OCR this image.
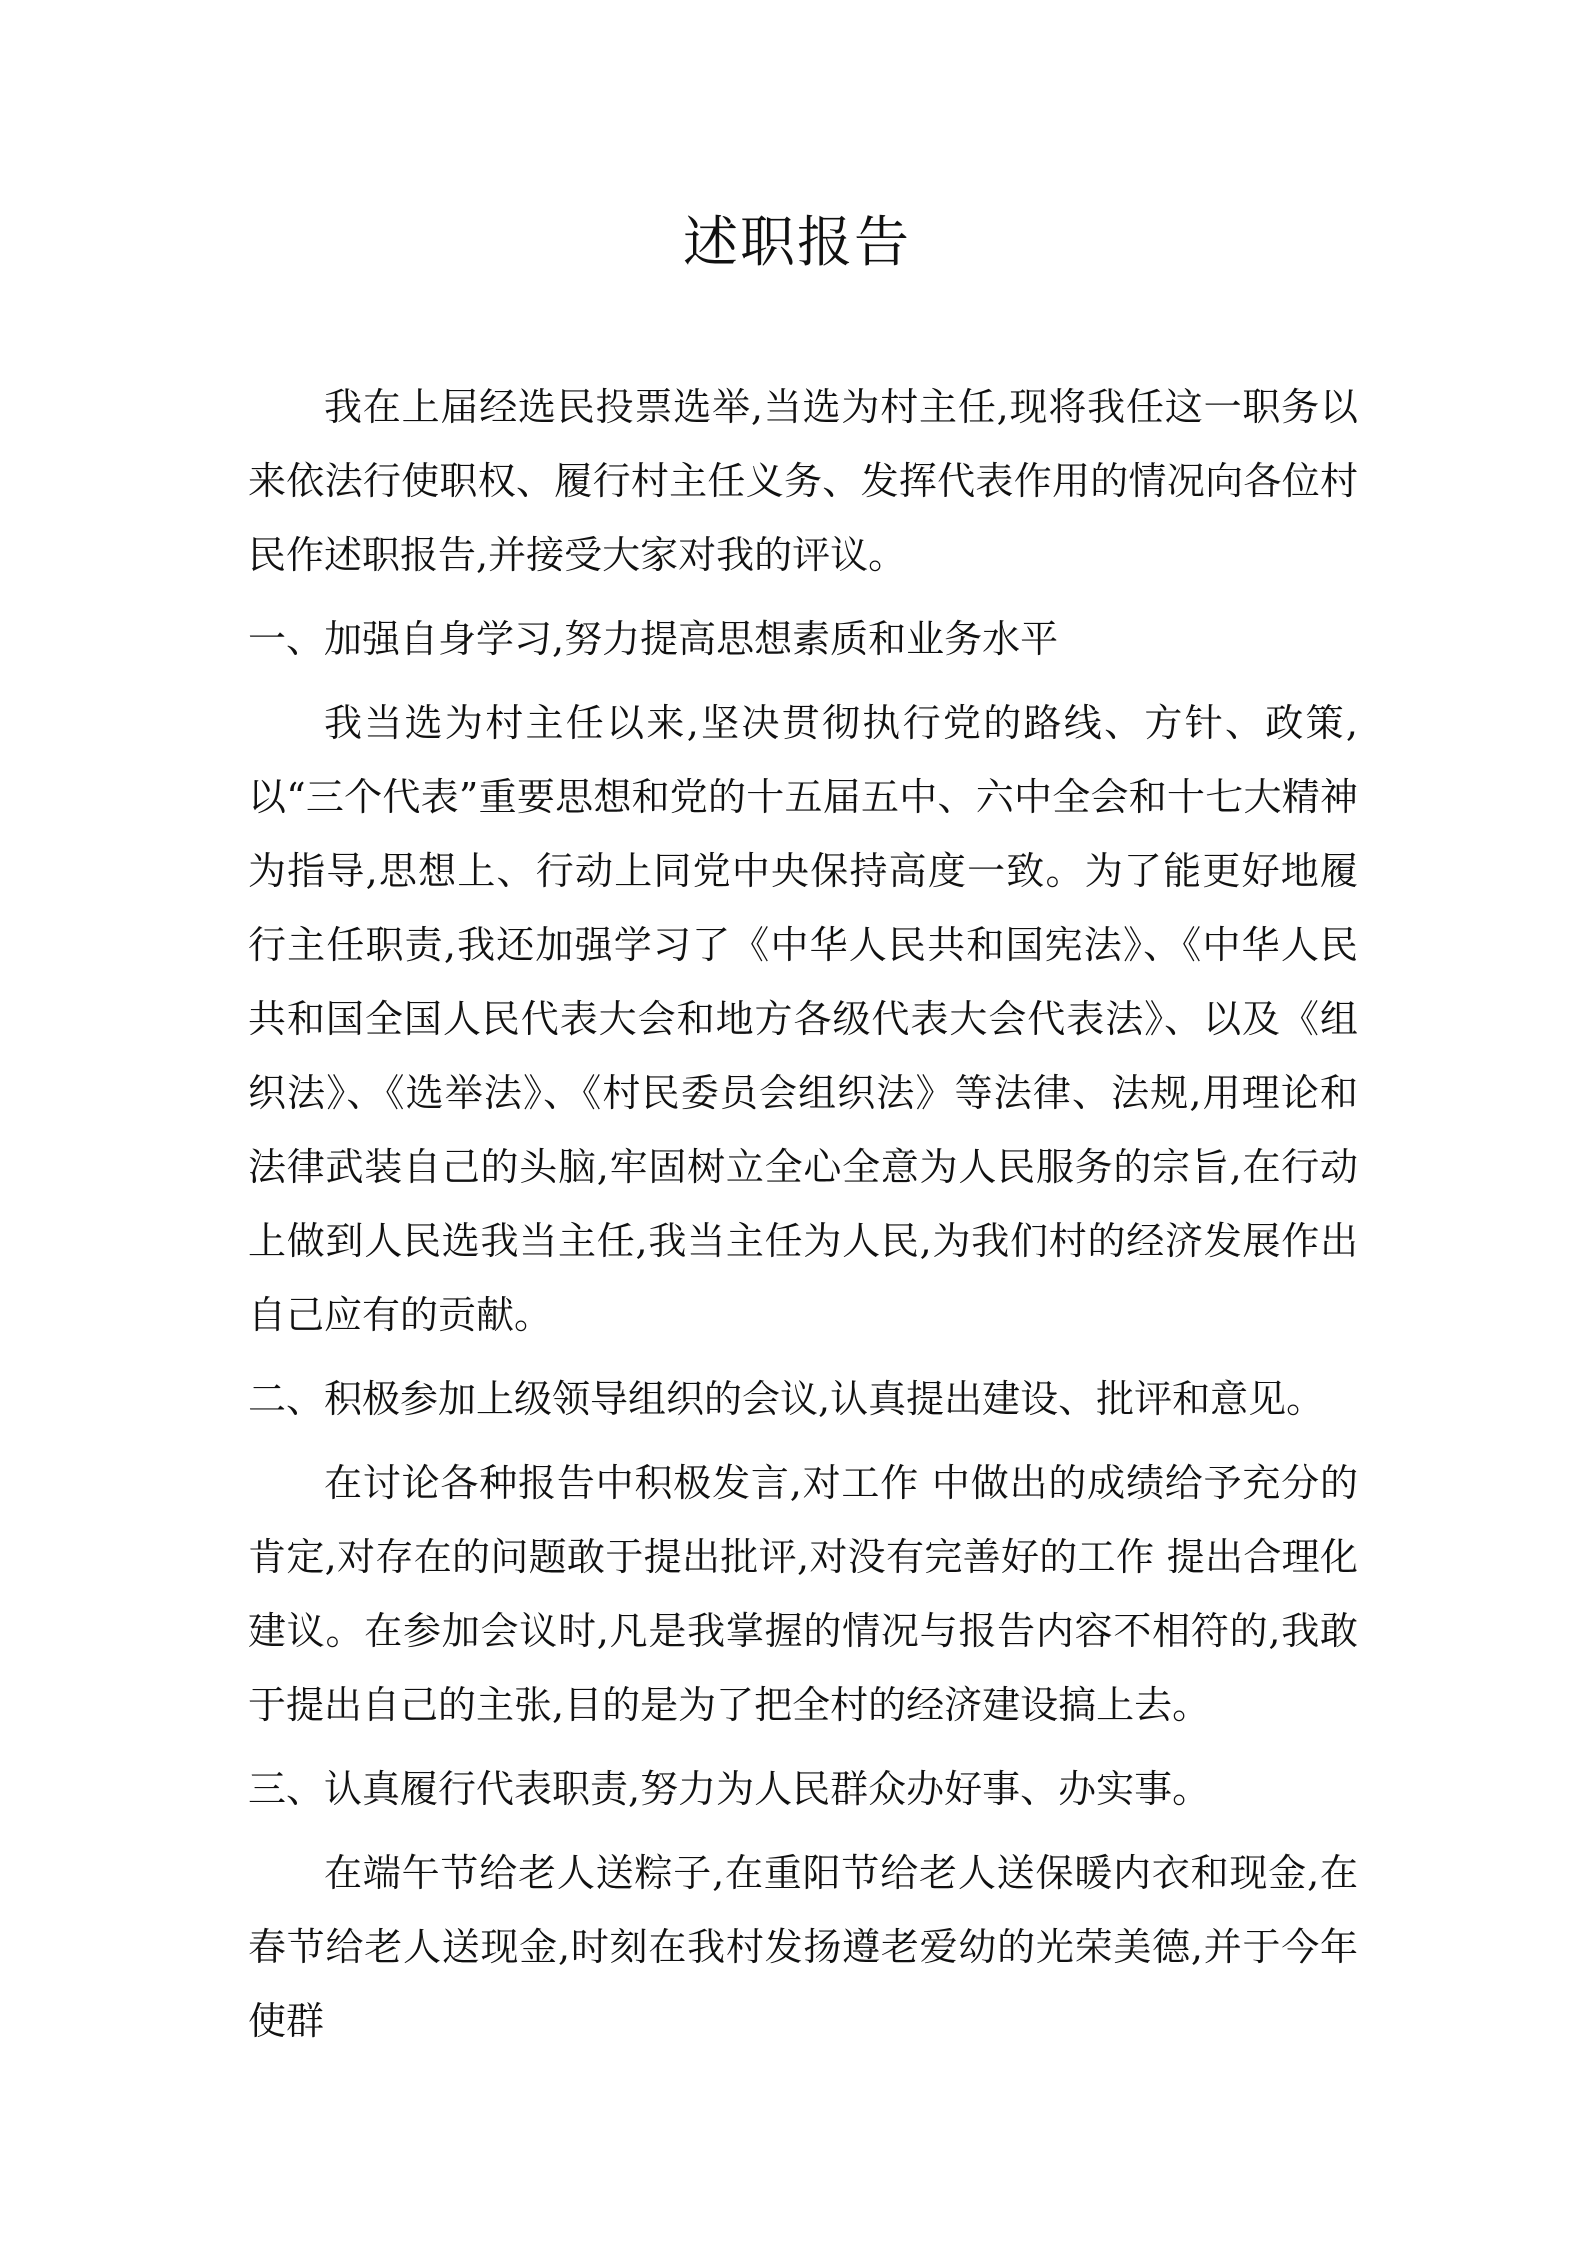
述职报告

我在上届经选民投票选举,当选为村主任,现将我任这一职务以来依法行使职权、履行村主任义务、发挥代表作用的情况向各位村民作述职报告,并接受大家对我的评议。

一、加强自身学习,努力提高思想素质和业务水平

我当选为村主任以来,坚决贯彻执行党的路线、方针、政策,以“三个代表”重要思想和党的十五届五中、六中全会和十七大精神为指导,思想上、行动上同党中央保持高度一致。为了能更好地履行主任职责,我还加强学习了《中华人民共和国宪法》、《中华人民共和国全国人民代表大会和地方各级代表大会代表法》、以及《组织法》、《选举法》、《村民委员会组织法》等法律、法规,用理论和法律武装自己的头脑,牢固树立全心全意为人民服务的宗旨,在行动上做到人民选我当主任,我当主任为人民,为我们村的经济发展作出自己应有的贡献。

二、积极参加上级领导组织的会议,认真提出建设、批评和意见。

在讨论各种报告中积极发言,对工作 中做出的成绩给予充分的肯定,对存在的问题敢于提出批评,对没有完善好的工作 提出合理化建议。在参加会议时,凡是我掌握的情况与报告内容不相符的,我敢于提出自己的主张,目的是为了把全村的经济建设搞上去。

三、认真履行代表职责,努力为人民群众办好事、办实事。

在端午节给老人送粽子,在重阳节给老人送保暖内衣和现金,在春节给老人送现金,时刻在我村发扬遵老爱幼的光荣美德,并于今年使群
